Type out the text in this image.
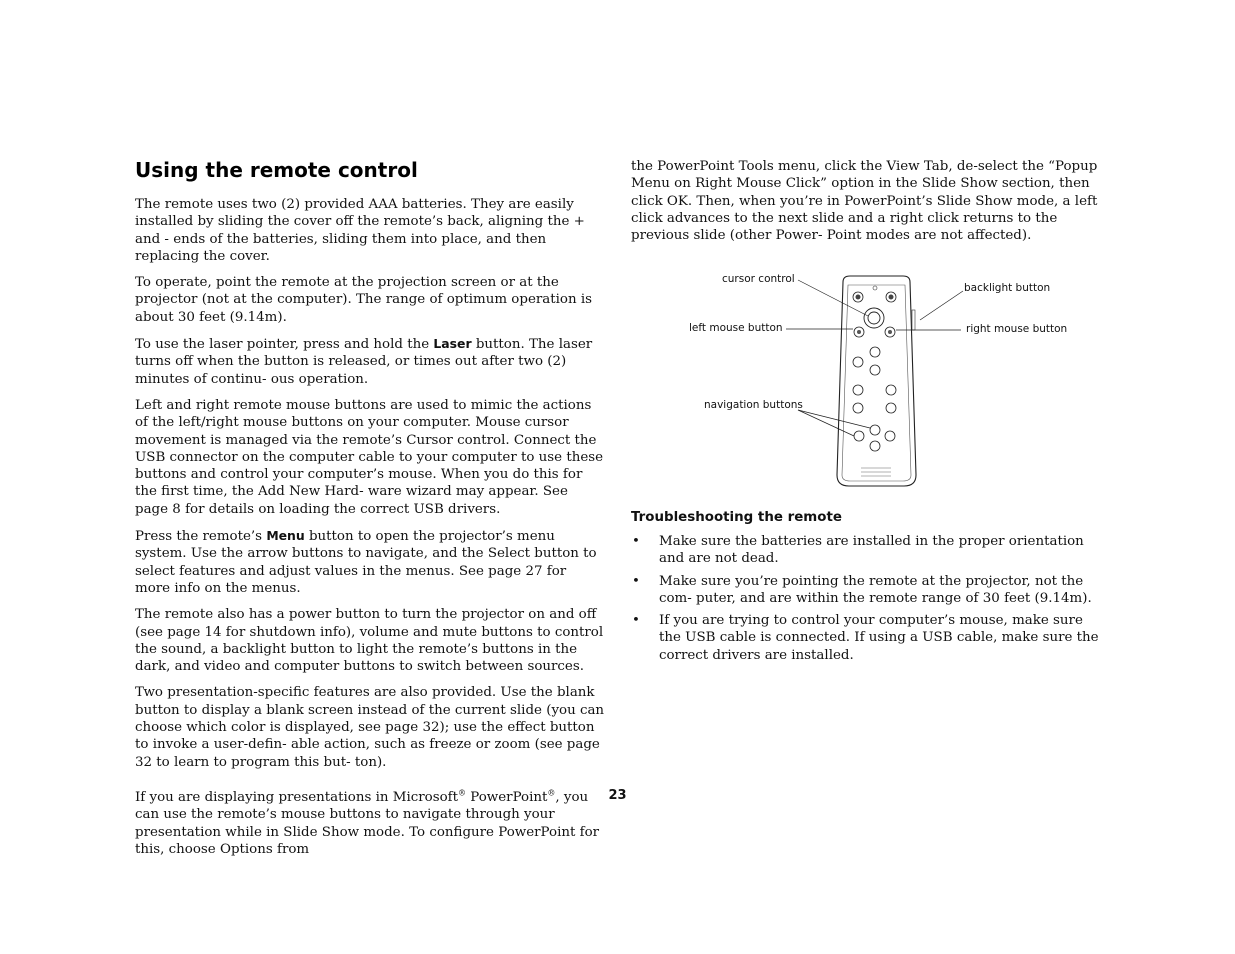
Using the remote control

The remote uses two (2) provided AAA batteries. They are easily installed by sliding the cover off the remote’s back, aligning the + and - ends of the batteries, sliding them into place, and then replacing the cover.

To operate, point the remote at the projection screen or at the projector (not at the computer). The range of optimum operation is about 30 feet (9.14m).

To use the laser pointer, press and hold the Laser button. The laser turns off when the button is released, or times out after two (2) minutes of continu- ous operation.

Left and right remote mouse buttons are used to mimic the actions of the left/right mouse buttons on your computer. Mouse cursor movement is managed via the remote’s Cursor control. Connect the USB connector on the computer cable to your computer to use these buttons and control your computer’s mouse. When you do this for the first time, the Add New Hard- ware wizard may appear. See page 8 for details on loading the correct USB drivers.

Press the remote’s Menu button to open the projector’s menu system. Use the arrow buttons to navigate, and the Select button to select features and adjust values in the menus. See page 27 for more info on the menus.

The remote also has a power button to turn the projector on and off (see page 14 for shutdown info), volume and mute buttons to control the sound, a backlight button to light the remote’s buttons in the dark, and video and computer buttons to switch between sources.

Two presentation-specific features are also provided. Use the blank button to display a blank screen instead of the current slide (you can choose which color is displayed, see page 32); use the effect button to invoke a user-defin- able action, such as freeze or zoom (see page 32 to learn to program this but- ton).

If you are displaying presentations in Microsoft® PowerPoint®, you can use the remote’s mouse buttons to navigate through your presentation while in Slide Show mode. To configure PowerPoint for this, choose Options from

the PowerPoint Tools menu, click the View Tab, de-select the “Popup Menu on Right Mouse Click” option in the Slide Show section, then click OK. Then, when you’re in PowerPoint’s Slide Show mode, a left click advances to the next slide and a right click returns to the previous slide (other Power- Point modes are not affected).

cursor control
left mouse button
navigation buttons
backlight button
right mouse button
Troubleshooting the remote
• Make sure the batteries are installed in the proper orientation and are not dead.
• Make sure you’re pointing the remote at the projector, not the com- puter, and are within the remote range of 30 feet (9.14m).
• If you are trying to control your computer’s mouse, make sure the USB cable is connected. If using a USB cable, make sure the correct drivers are installed.
23
